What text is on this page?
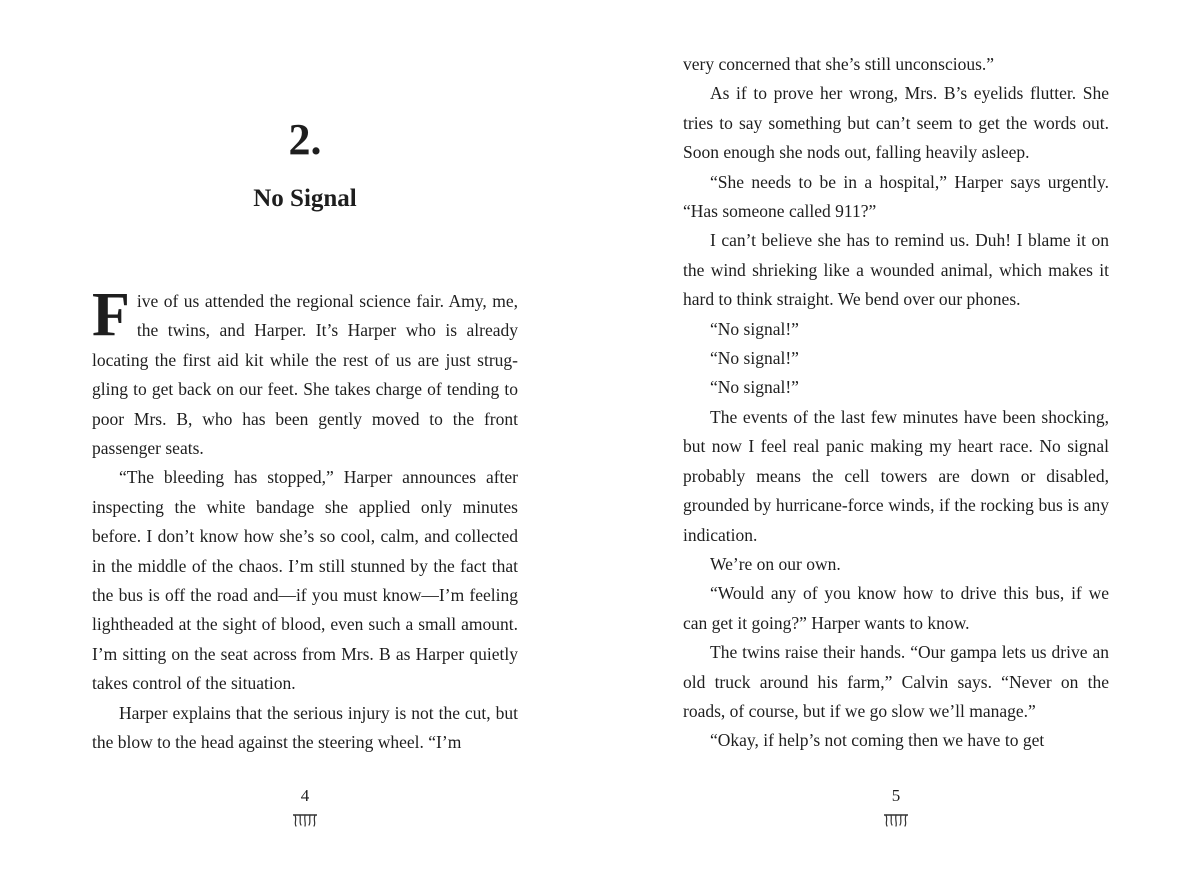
2.
No Signal

Five of us attended the regional science fair. Amy, me, the twins, and Harper. It’s Harper who is already locating the first aid kit while the rest of us are just struggling to get back on our feet. She takes charge of tending to poor Mrs. B, who has been gently moved to the front passenger seats.

“The bleeding has stopped,” Harper announces after inspecting the white bandage she applied only minutes before. I don’t know how she’s so cool, calm, and collected in the middle of the chaos. I’m still stunned by the fact that the bus is off the road and—if you must know—I’m feeling lightheaded at the sight of blood, even such a small amount. I’m sitting on the seat across from Mrs. B as Harper quietly takes control of the situation.

Harper explains that the serious injury is not the cut, but the blow to the head against the steering wheel. “I’m

4

very concerned that she’s still unconscious.”

As if to prove her wrong, Mrs. B’s eyelids flutter. She tries to say something but can’t seem to get the words out. Soon enough she nods out, falling heavily asleep.

“She needs to be in a hospital,” Harper says urgently. “Has someone called 911?”

I can’t believe she has to remind us. Duh! I blame it on the wind shrieking like a wounded animal, which makes it hard to think straight. We bend over our phones.

“No signal!”

“No signal!”

“No signal!”

The events of the last few minutes have been shocking, but now I feel real panic making my heart race. No signal probably means the cell towers are down or disabled, grounded by hurricane-force winds, if the rocking bus is any indication.

We’re on our own.

“Would any of you know how to drive this bus, if we can get it going?” Harper wants to know.

The twins raise their hands. “Our gampa lets us drive an old truck around his farm,” Calvin says. “Never on the roads, of course, but if we go slow we’ll manage.”

“Okay, if help’s not coming then we have to get

5
